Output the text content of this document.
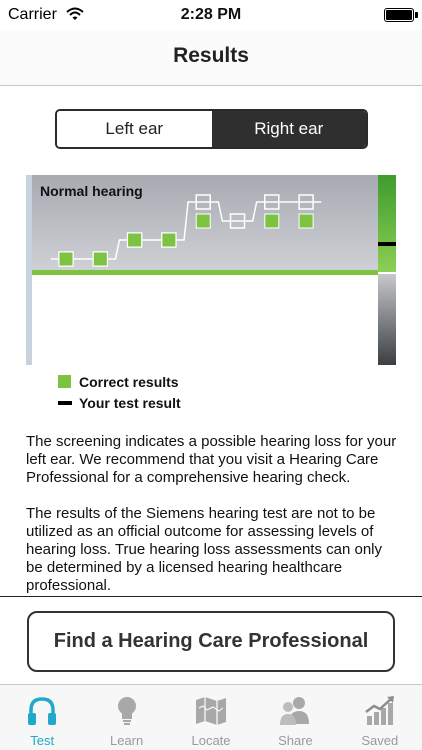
Carrier	2:28 PM
Results
Left ear	Right ear
Normal hearing
Correct results
Your test result

The screening indicates a possible hearing loss for your left ear. We recommend that you visit a Hearing Care Professional for a comprehensive hearing check.

The results of the Siemens hearing test are not to be utilized as an official outcome for assessing levels of hearing loss. True hearing loss assessments can only be determined by a licensed hearing healthcare professional.

Find a Hearing Care Professional
Test	Learn	Locate	Share	Saved
